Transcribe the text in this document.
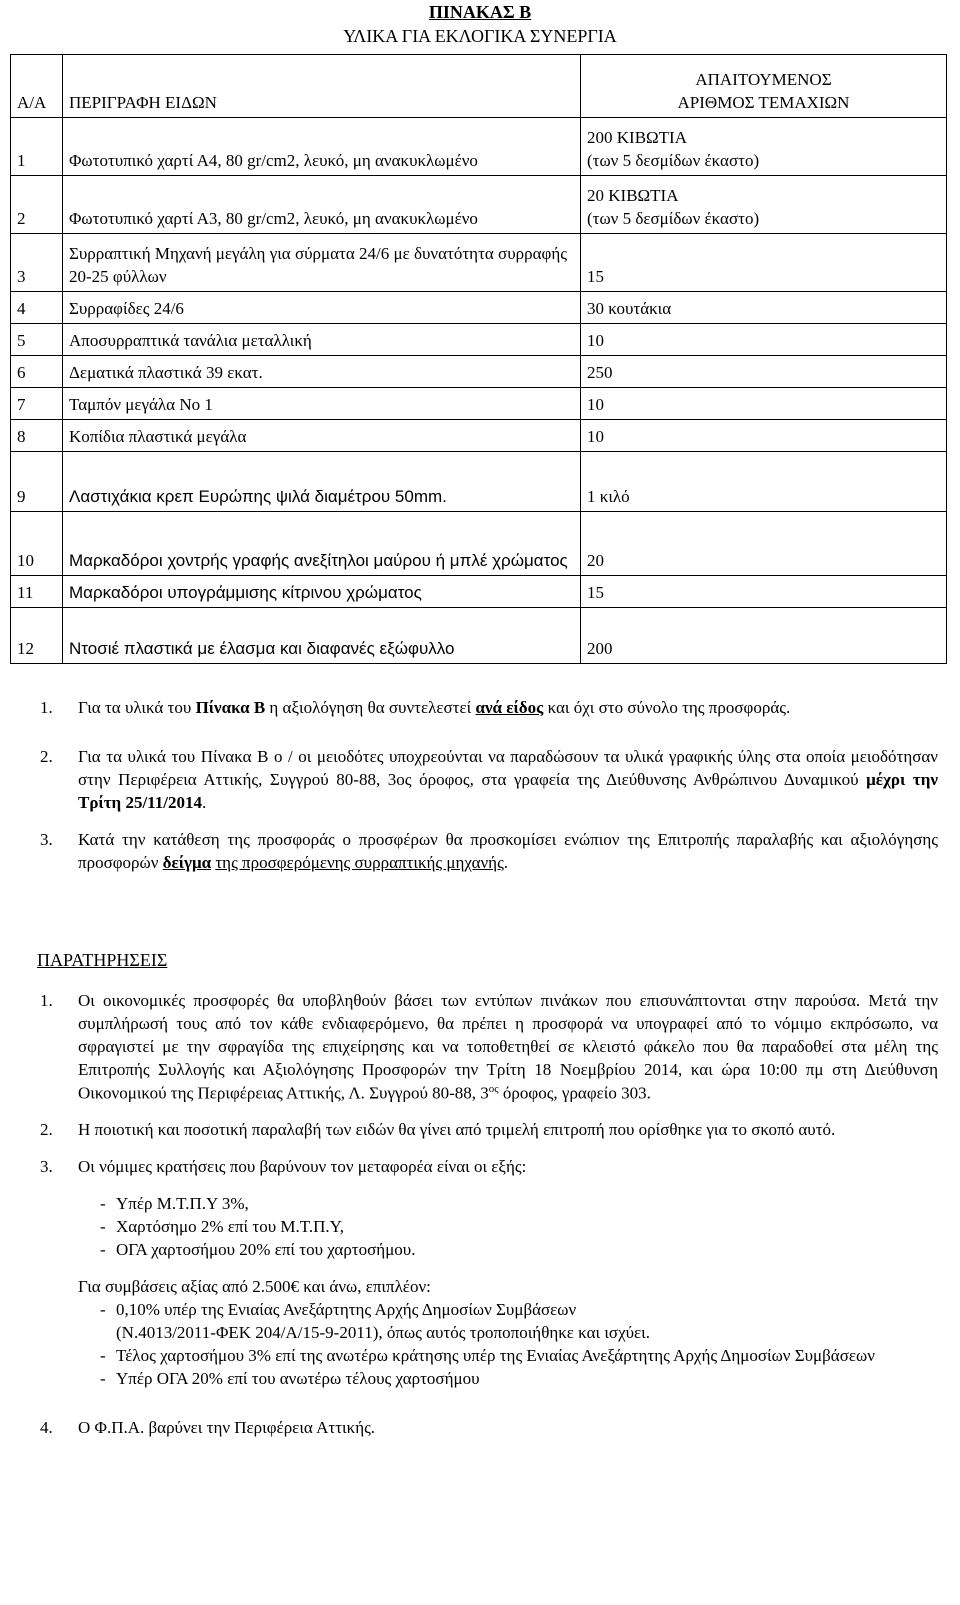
ΠΙΝΑΚΑΣ Β
ΥΛΙΚΑ ΓΙΑ ΕΚΛΟΓΙΚΑ ΣΥΝΕΡΓΙΑ
Α/Α	ΠΕΡΙΓΡΑΦΗ ΕΙΔΩΝ	ΑΠΑΙΤΟΥΜΕΝΟΣ
ΑΡΙΘΜΟΣ ΤΕΜΑΧΙΩΝ

1	Φωτοτυπικό χαρτί Α4, 80 gr/cm2, λευκό, μη ανακυκλωμένο	200 ΚΙΒΩΤΙΑ
(των 5 δεσμίδων έκαστο)

2	Φωτοτυπικό χαρτί Α3, 80 gr/cm2, λευκό, μη ανακυκλωμένο	20 ΚΙΒΩΤΙΑ
(των 5 δεσμίδων έκαστο)

3	Συρραπτική Μηχανή μεγάλη για σύρματα 24/6 με δυνατότητα συρραφής 20-25 φύλλων	15
4	Συρραφίδες 24/6	30 κουτάκια
5	Αποσυρραπτικά τανάλια μεταλλική	10
6	Δεματικά πλαστικά 39 εκατ.	250
7	Ταμπόν μεγάλα Νο 1	10
8	Κοπίδια πλαστικά μεγάλα	10
9	Λαστιχάκια κρεπ Ευρώπης ψιλά διαμέτρου 50mm.	1 κιλό
10	Μαρκαδόροι χοντρής γραφής ανεξίτηλοι μαύρου ή μπλέ χρώματος	20
11	Μαρκαδόροι υπογράμμισης κίτρινου χρώματος	15
12	Ντοσιέ πλαστικά με έλασμα και διαφανές εξώφυλλο	200
1. Για τα υλικά του Πίνακα Β η αξιολόγηση θα συντελεστεί ανά είδος και όχι στο σύνολο της προσφοράς.

2. Για τα υλικά του Πίνακα Β ο / οι μειοδότες υποχρεούνται να παραδώσουν τα υλικά γραφικής ύλης στα οποία μειοδότησαν στην Περιφέρεια Αττικής, Συγγρού 80-88, 3ος όροφος, στα γραφεία της Διεύθυνσης Ανθρώπινου Δυναμικού μέχρι την Τρίτη 25/11/2014.

3. Κατά την κατάθεση της προσφοράς ο προσφέρων θα προσκομίσει ενώπιον της Επιτροπής παραλαβής και αξιολόγησης προσφορών δείγμα της προσφερόμενης συρραπτικής μηχανής.

ΠΑΡΑΤΗΡΗΣΕΙΣ
1. Οι οικονομικές προσφορές θα υποβληθούν βάσει των εντύπων πινάκων που επισυνάπτονται στην παρούσα. Μετά την συμπλήρωσή τους από τον κάθε ενδιαφερόμενο, θα πρέπει η προσφορά να υπογραφεί από το νόμιμο εκπρόσωπο, να σφραγιστεί με την σφραγίδα της επιχείρησης και να τοποθετηθεί σε κλειστό φάκελο που θα παραδοθεί στα μέλη της Επιτροπής Συλλογής και Αξιολόγησης Προσφορών την Τρίτη 18 Νοεμβρίου 2014, και ώρα 10:00 πμ στη Διεύθυνση Οικονομικού της Περιφέρειας Αττικής, Λ. Συγγρού 80-88, $3^{o\varsigma}$ όροφος, γραφείο 303.

2. Η ποιοτική και ποσοτική παραλαβή των ειδών θα γίνει από τριμελή επιτροπή που ορίσθηκε για το σκοπό αυτό.

3. Οι νόμιμες κρατήσεις που βαρύνουν τον μεταφορέα είναι οι εξής:

- Υπέρ Μ.Τ.Π.Υ 3%,
- Χαρτόσημο 2% επί του Μ.Τ.Π.Υ,
- ΟΓΑ χαρτοσήμου 20% επί του χαρτοσήμου.
Για συμβάσεις αξίας από 2.500€ και άνω, επιπλέον:
- 0,10% υπέρ της Ενιαίας Ανεξάρτητης Αρχής Δημοσίων Συμβάσεων
(Ν.4013/2011-ΦΕΚ 204/Α/15-9-2011), όπως αυτός τροποποιήθηκε και ισχύει.
- Τέλος χαρτοσήμου 3% επί της ανωτέρω κράτησης υπέρ της Ενιαίας Ανεξάρτητης Αρχής Δημοσίων Συμβάσεων
- Υπέρ ΟΓΑ 20% επί του ανωτέρω τέλους χαρτοσήμου
4. Ο Φ.Π.Α. βαρύνει την Περιφέρεια Αττικής.
